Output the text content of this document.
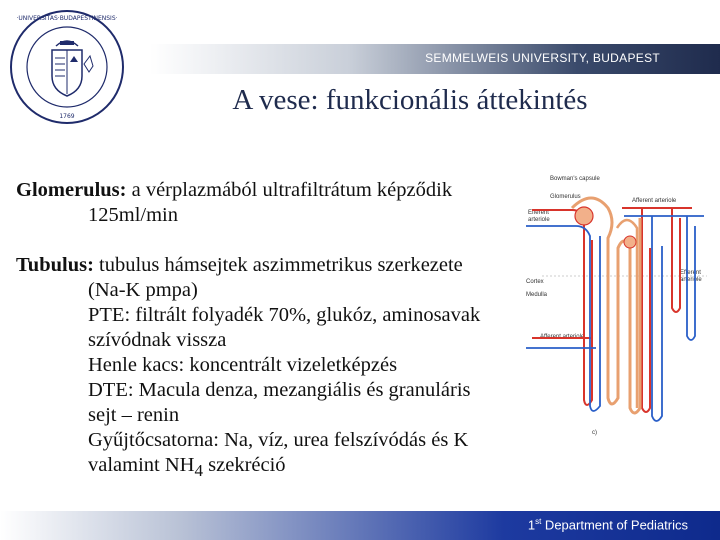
·UNIVERSITAS·BUDAPESTINENSIS·
1769
SEMMELWEIS UNIVERSITY, BUDAPEST
A vese: funkcionális áttekintés

Glomerulus: a vérplazmából ultrafiltrátum képződik

125ml/min

Tubulus: tubulus hámsejtek aszimmetrikus szerkezete

(Na-K pmpa)

PTE: filtrált folyadék 70%, glukóz, aminosavak

szívódnak vissza

Henle kacs: koncentrált vizeletképzés

DTE: Macula denza, mezangiális és granuláris

sejt – renin

Gyűjtőcsatorna: Na, víz, urea felszívódás és K

valamint $NH_4$ szekréció

Bowman's capsule
Glomerulus
Efferent
arteriole
Afferent arteriole
Cortex
Medulla
Afferent arteriole
Efferent
arteriole
c)
1st Department of Pediatrics
